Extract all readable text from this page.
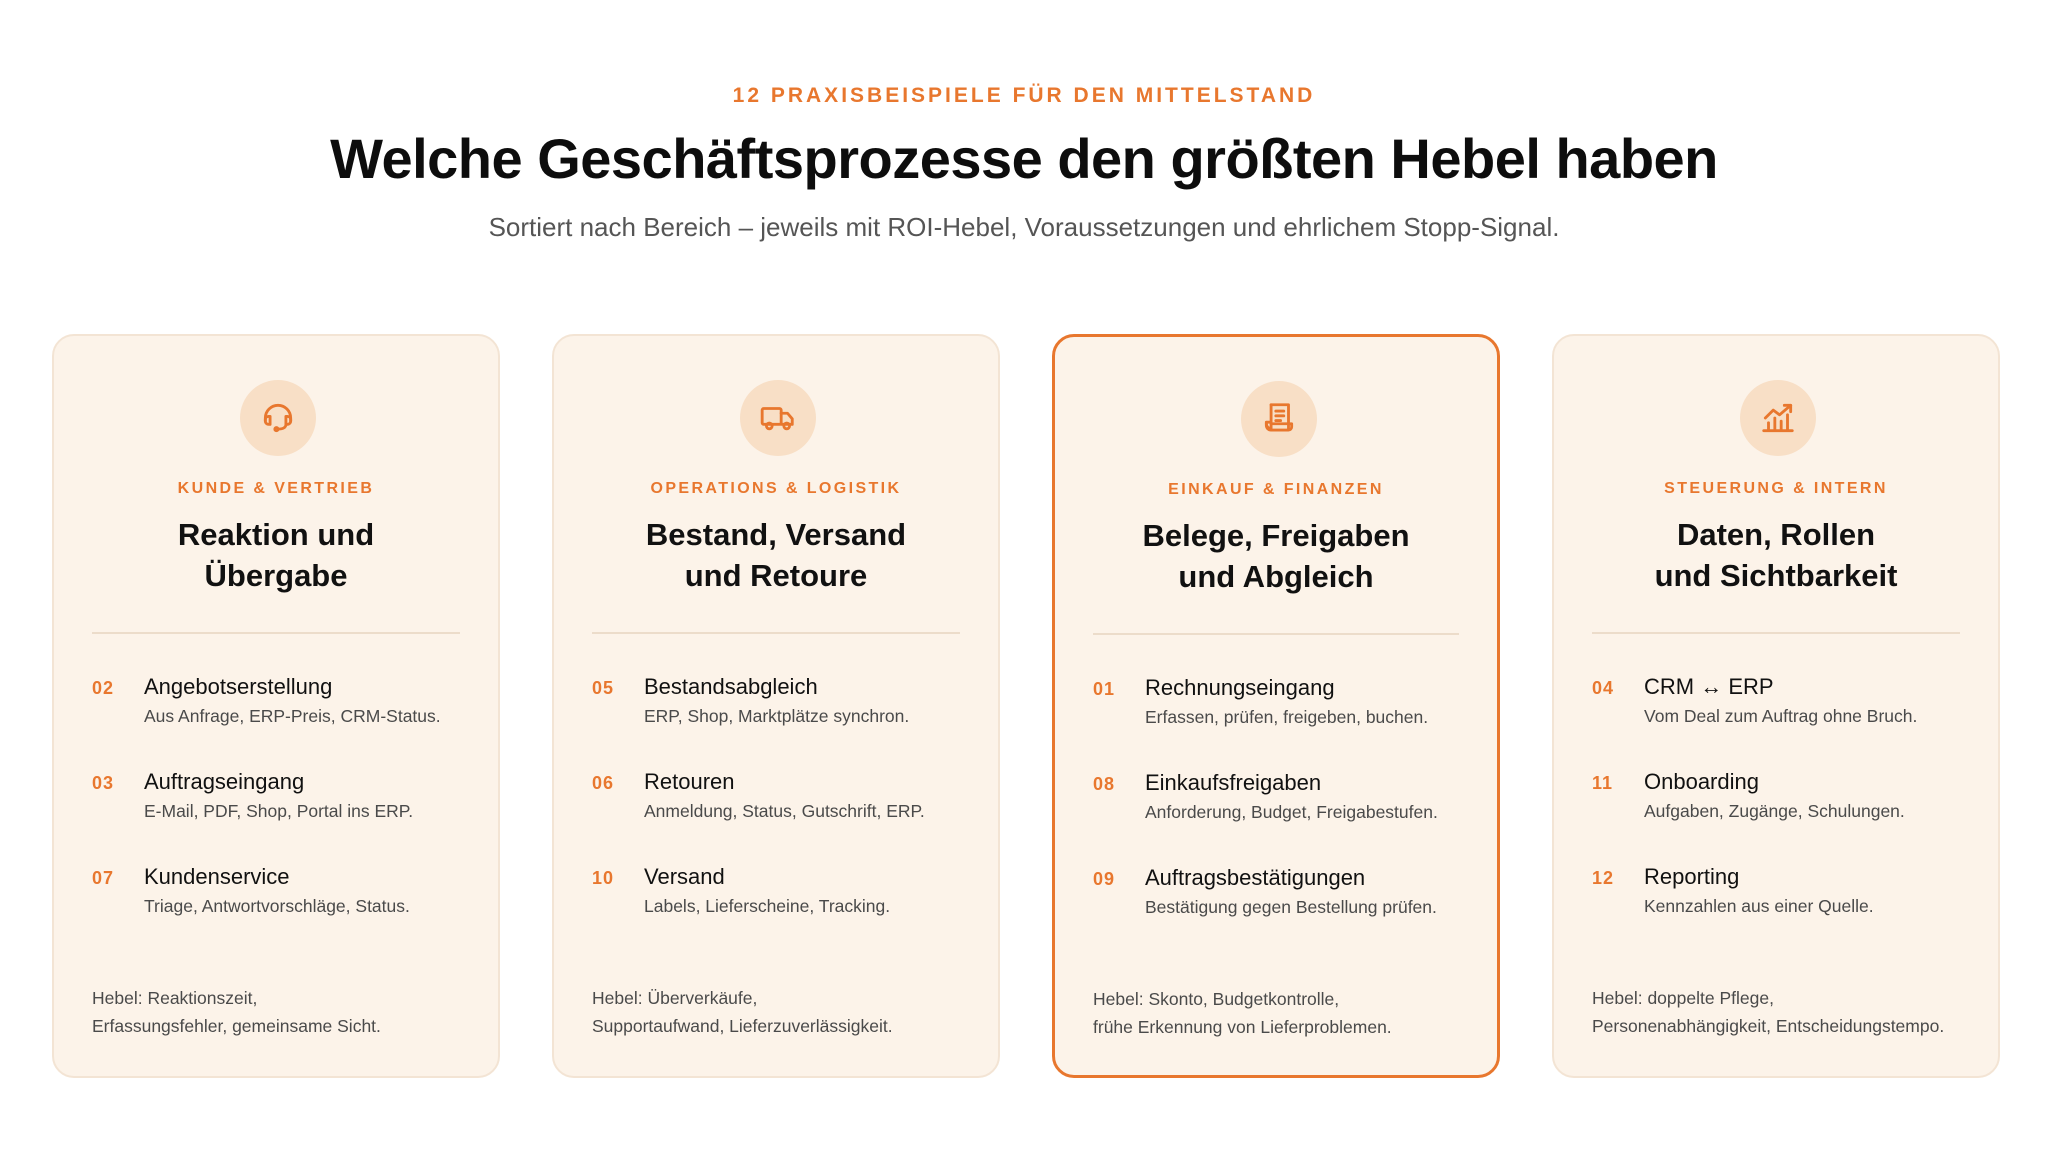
12 PRAXISBEISPIELE FÜR DEN MITTELSTAND
Welche Geschäftsprozesse den größten Hebel haben
Sortiert nach Bereich – jeweils mit ROI-Hebel, Voraussetzungen und ehrlichem Stopp-Signal.
KUNDE & VERTRIEB
Reaktion und
Übergabe
02 Angebotserstellung
Aus Anfrage, ERP-Preis, CRM-Status.
03 Auftragseingang
E-Mail, PDF, Shop, Portal ins ERP.
07 Kundenservice
Triage, Antwortvorschläge, Status.
Hebel: Reaktionszeit,
Erfassungsfehler, gemeinsame Sicht.
OPERATIONS & LOGISTIK
Bestand, Versand
und Retoure
05 Bestandsabgleich
ERP, Shop, Marktplätze synchron.
06 Retouren
Anmeldung, Status, Gutschrift, ERP.
10 Versand
Labels, Lieferscheine, Tracking.
Hebel: Überverkäufe,
Supportaufwand, Lieferzuverlässigkeit.
EINKAUF & FINANZEN
Belege, Freigaben
und Abgleich
01 Rechnungseingang
Erfassen, prüfen, freigeben, buchen.
08 Einkaufsfreigaben
Anforderung, Budget, Freigabestufen.
09 Auftragsbestätigungen
Bestätigung gegen Bestellung prüfen.
Hebel: Skonto, Budgetkontrolle,
frühe Erkennung von Lieferproblemen.
STEUERUNG & INTERN
Daten, Rollen
und Sichtbarkeit
04 CRM ↔ ERP
Vom Deal zum Auftrag ohne Bruch.
11 Onboarding
Aufgaben, Zugänge, Schulungen.
12 Reporting
Kennzahlen aus einer Quelle.
Hebel: doppelte Pflege,
Personenabhängigkeit, Entscheidungstempo.
